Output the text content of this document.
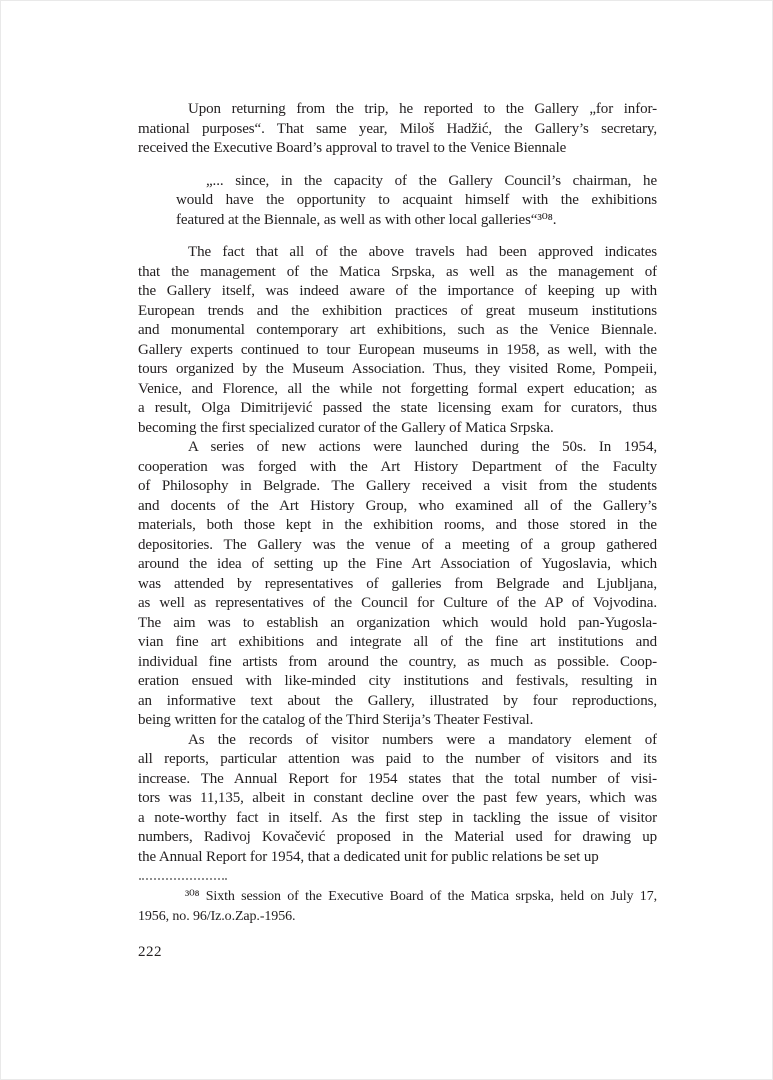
Upon returning from the trip, he reported to the Gallery „for infor-
mational purposes“. That same year, Miloš Hadžić, the Gallery’s secretary,
received the Executive Board’s approval to travel to the Venice Biennale
„... since, in the capacity of the Gallery Council’s chairman, he
would have the opportunity to acquaint himself with the exhibitions
featured at the Biennale, as well as with other local galleries“³⁰⁸.
The fact that all of the above travels had been approved indicates
that the management of the Matica Srpska, as well as the management of
the Gallery itself, was indeed aware of the importance of keeping up with
European trends and the exhibition practices of great museum institutions
and monumental contemporary art exhibitions, such as the Venice Biennale.
Gallery experts continued to tour European museums in 1958, as well, with the
tours organized by the Museum Association. Thus, they visited Rome, Pompeii,
Venice, and Florence, all the while not forgetting formal expert education; as
a result, Olga Dimitrijević passed the state licensing exam for curators, thus
becoming the first specialized curator of the Gallery of Matica Srpska.
A series of new actions were launched during the 50s. In 1954,
cooperation was forged with the Art History Department of the Faculty
of Philosophy in Belgrade. The Gallery received a visit from the students
and docents of the Art History Group, who examined all of the Gallery’s
materials, both those kept in the exhibition rooms, and those stored in the
depositories. The Gallery was the venue of a meeting of a group gathered
around the idea of setting up the Fine Art Association of Yugoslavia, which
was attended by representatives of galleries from Belgrade and Ljubljana,
as well as representatives of the Council for Culture of the AP of Vojvodina.
The aim was to establish an organization which would hold pan-Yugosla-
vian fine art exhibitions and integrate all of the fine art institutions and
individual fine artists from around the country, as much as possible. Coop-
eration ensued with like-minded city institutions and festivals, resulting in
an informative text about the Gallery, illustrated by four reproductions,
being written for the catalog of the Third Sterija’s Theater Festival.
As the records of visitor numbers were a mandatory element of
all reports, particular attention was paid to the number of visitors and its
increase. The Annual Report for 1954 states that the total number of visi-
tors was 11,135, albeit in constant decline over the past few years, which was
a note-worthy fact in itself. As the first step in tackling the issue of visitor
numbers, Radivoj Kovačević proposed in the Material used for drawing up
the Annual Report for 1954, that a dedicated unit for public relations be set up
³⁰⁸ Sixth session of the Executive Board of the Matica srpska, held on July 17,
1956, no. 96/Iz.o.Zap.-1956.
222
